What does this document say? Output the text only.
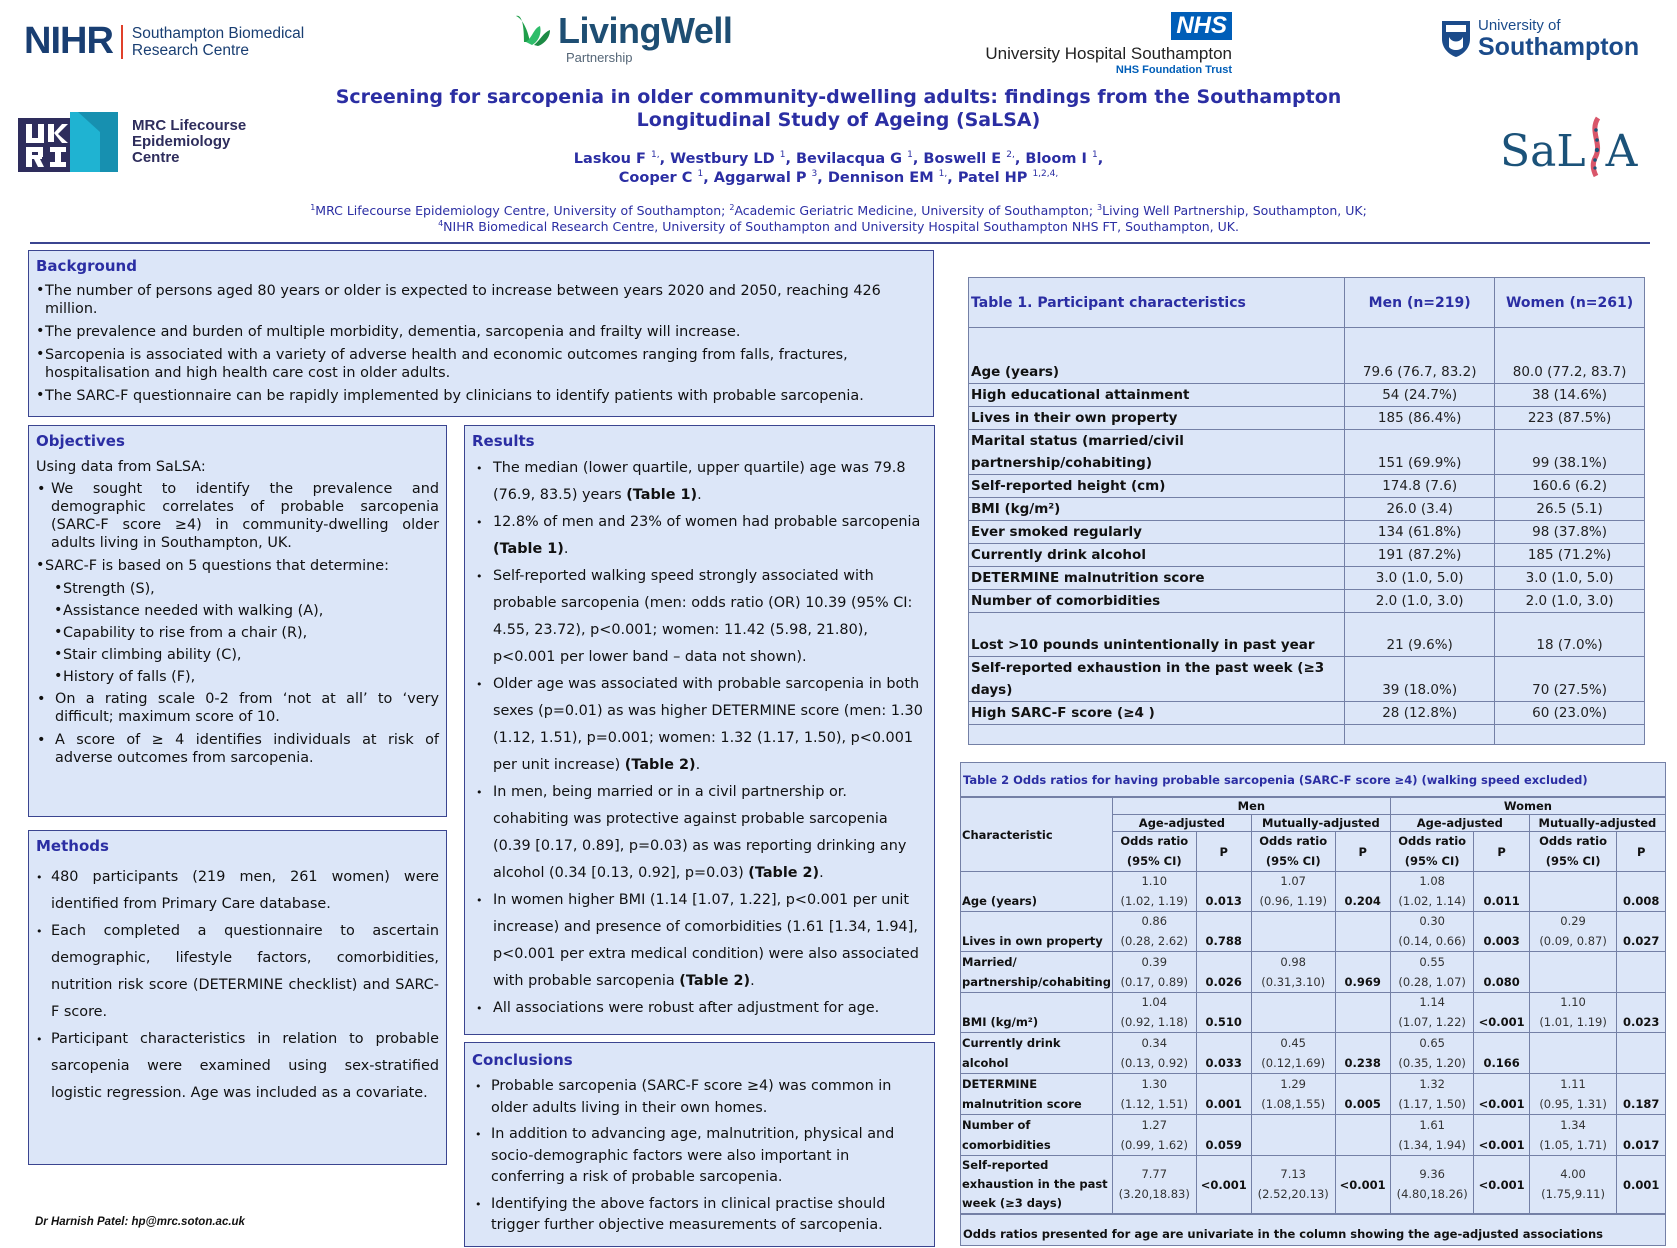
NIHR Southampton Biomedical
Research Centre	LivingWell
Partnership
NHS
University Hospital Southampton
NHS Foundation Trust
University of
Southampton
MRC Lifecourse
Epidemiology
Centre	SaL A
Screening for sarcopenia in older community-dwelling adults: findings from the Southampton
Longitudinal Study of Ageing (SaLSA)
Laskou F $^{1,}$, Westbury LD $^1$, Bevilacqua G $^1$, Boswell E $^{2,}$, Bloom I $^1$,
Cooper C $^1$, Aggarwal P $^3$, Dennison EM $^{1,}$, Patel HP $^{1,2,4,}$
$^1$MRC Lifecourse Epidemiology Centre, University of Southampton; $^2$Academic Geriatric Medicine, University of Southampton; $^3$Living Well Partnership, Southampton, UK; $^4$NIHR Biomedical Research Centre, University of Southampton and University Hospital Southampton NHS FT, Southampton, UK.
Background
• The number of persons aged 80 years or older is expected to increase between years 2020 and 2050, reaching 426 million.
• The prevalence and burden of multiple morbidity, dementia, sarcopenia and frailty will increase.
• Sarcopenia is associated with a variety of adverse health and economic outcomes ranging from falls, fractures, hospitalisation and high health care cost in older adults.
• The SARC-F questionnaire can be rapidly implemented by clinicians to identify patients with probable sarcopenia.
Objectives

Using data from SaLSA:

• We sought to identify the prevalence and demographic correlates of probable sarcopenia (SARC-F score ≥4) in community-dwelling older adults living in Southampton, UK.
• SARC-F is based on 5 questions that determine:
• Strength (S),
• Assistance needed with walking (A),
• Capability to rise from a chair (R),
• Stair climbing ability (C),
• History of falls (F),
• On a rating scale 0-2 from ‘not at all’ to ‘very difficult; maximum score of 10.
• A score of ≥ 4 identifies individuals at risk of adverse outcomes from sarcopenia.
Methods
• 480 participants (219 men, 261 women) were identified from Primary Care database.
• Each completed a questionnaire to ascertain demographic, lifestyle factors, comorbidities, nutrition risk score (DETERMINE checklist) and SARC-F score.
• Participant characteristics in relation to probable sarcopenia were examined using sex-stratified logistic regression. Age was included as a covariate.
Dr Harnish Patel: hp@mrc.soton.ac.uk
Results
• The median (lower quartile, upper quartile) age was 79.8 (76.9, 83.5) years (Table 1).
• 12.8% of men and 23% of women had probable sarcopenia (Table 1).
• Self-reported walking speed strongly associated with probable sarcopenia (men: odds ratio (OR) 10.39 (95% CI: 4.55, 23.72), p<0.001; women: 11.42 (5.98, 21.80), p<0.001 per lower band – data not shown).
• Older age was associated with probable sarcopenia in both sexes (p=0.01) as was higher DETERMINE score (men: 1.30 (1.12, 1.51), p=0.001; women: 1.32 (1.17, 1.50), p<0.001 per unit increase) (Table 2).
• In men, being married or in a civil partnership or. cohabiting was protective against probable sarcopenia (0.39 [0.17, 0.89], p=0.03) as was reporting drinking any alcohol (0.34 [0.13, 0.92], p=0.03) (Table 2).
• In women higher BMI (1.14 [1.07, 1.22], p<0.001 per unit increase) and presence of comorbidities (1.61 [1.34, 1.94], p<0.001 per extra medical condition) were also associated with probable sarcopenia (Table 2).
• All associations were robust after adjustment for age.
Conclusions
• Probable sarcopenia (SARC-F score ≥4) was common in older adults living in their own homes.
• In addition to advancing age, malnutrition, physical and socio-demographic factors were also important in conferring a risk of probable sarcopenia.
• Identifying the above factors in clinical practise should trigger further objective measurements of sarcopenia.
Table 1. Participant characteristics	Men (n=219)	Women (n=261)
Age (years)	79.6 (76.7, 83.2)	80.0 (77.2, 83.7)
High educational attainment	54 (24.7%)	38 (14.6%)
Lives in their own property	185 (86.4%)	223 (87.5%)
Marital status (married/civil partnership/cohabiting)	151 (69.9%)	99 (38.1%)
Self-reported height (cm)	174.8 (7.6)	160.6 (6.2)
BMI (kg/m²)	26.0 (3.4)	26.5 (5.1)
Ever smoked regularly	134 (61.8%)	98 (37.8%)
Currently drink alcohol	191 (87.2%)	185 (71.2%)
DETERMINE malnutrition score	3.0 (1.0, 5.0)	3.0 (1.0, 5.0)
Number of comorbidities	2.0 (1.0, 3.0)	2.0 (1.0, 3.0)
Lost >10 pounds unintentionally in past year	21 (9.6%)	18 (7.0%)
Self-reported exhaustion in the past week (≥3 days)	39 (18.0%)	70 (27.5%)
High SARC-F score (≥4 )	28 (12.8%)	60 (23.0%)

Table 2 Odds ratios for having probable sarcopenia (SARC-F score ≥4) (walking speed excluded)
Characteristic	Men				Women			
	Age-adjusted		Mutually-adjusted		Age-adjusted		Mutually-adjusted	

	Odds ratio
(95% CI)	P	Odds ratio
(95% CI)	P	Odds ratio
(95% CI)	P	Odds ratio
(95% CI)	P
Age (years)	1.10
(1.02, 1.19)	0.013	1.07
(0.96, 1.19)	0.204	1.08
(1.02, 1.14)	0.011		0.008
Lives in own property	0.86
(0.28, 2.62)	0.788			0.30
(0.14, 0.66)	0.003	0.29
(0.09, 0.87)	0.027
Married/ partnership/cohabiting	0.39
(0.17, 0.89)	0.026	0.98
(0.31,3.10)	0.969	0.55
(0.28, 1.07)	0.080	

BMI (kg/m²)	1.04
(0.92, 1.18)	0.510			1.14
(1.07, 1.22)	<0.001	1.10
(1.01, 1.19)	0.023
Currently drink alcohol	0.34
(0.13, 0.92)	0.033	0.45
(0.12,1.69)	0.238	0.65
(0.35, 1.20)	0.166	

DETERMINE malnutrition score	1.30
(1.12, 1.51)	0.001	1.29
(1.08,1.55)	0.005	1.32
(1.17, 1.50)	<0.001	1.11
(0.95, 1.31)	0.187
Number of comorbidities	1.27
(0.99, 1.62)	0.059			1.61
(1.34, 1.94)	<0.001	1.34
(1.05, 1.71)	0.017
Self-reported exhaustion in the past week (≥3 days)	7.77
(3.20,18.83)	<0.001	7.13
(2.52,20.13)	<0.001	9.36
(4.80,18.26)	<0.001	4.00
(1.75,9.11)	0.001
Odds ratios presented for age are univariate in the column showing the age-adjusted associations
